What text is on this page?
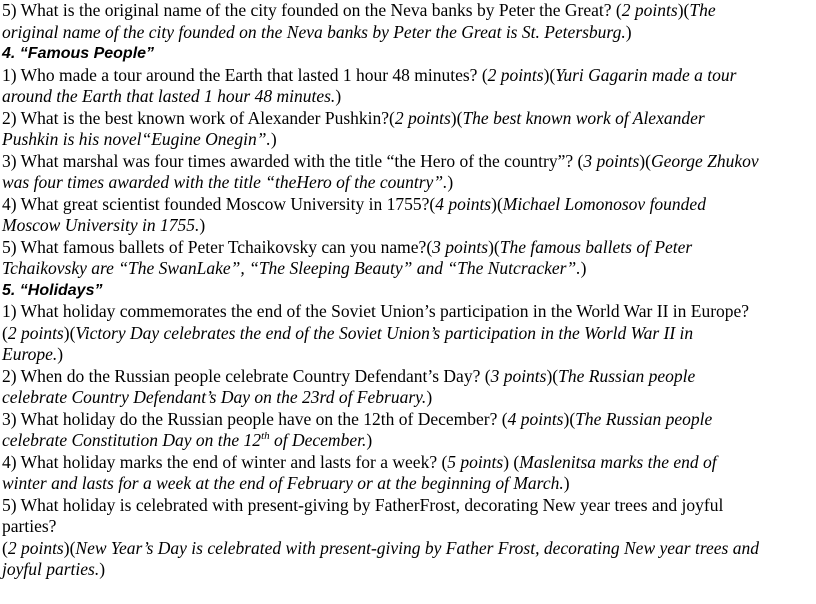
5) What is the original name of the city founded on the Neva banks by Peter the Great? (2 points)(The
original name of the city founded on the Neva banks by Peter the Great is St. Petersburg.)
4. “Famous People”
1) Who made a tour around the Earth that lasted 1 hour 48 minutes? (2 points)(Yuri Gagarin made a tour
around the Earth that lasted 1 hour 48 minutes.)
2) What is the best known work of Alexander Pushkin?(2 points)(The best known work of Alexander
Pushkin is his novel“Eugine Onegin”.)
3) What marshal was four times awarded with the title “the Hero of the country”? (3 points)(George Zhukov
was four times awarded with the title “theHero of the country”.)
4) What great scientist founded Moscow University in 1755?(4 points)(Michael Lomonosov founded
Moscow University in 1755.)
5) What famous ballets of Peter Tchaikovsky can you name?(3 points)(The famous ballets of Peter
Tchaikovsky are “The SwanLake”, “The Sleeping Beauty” and “The Nutcracker”.)
5. “Holidays”
1) What holiday commemorates the end of the Soviet Union’s participation in the World War II in Europe?
(2 points)(Victory Day celebrates the end of the Soviet Union’s participation in the World War II in
Europe.)
2) When do the Russian people celebrate Country Defendant’s Day? (3 points)(The Russian people
celebrate Country Defendant’s Day on the 23rd of February.)
3) What holiday do the Russian people have on the 12th of December? (4 points)(The Russian people
celebrate Constitution Day on the 12th of December.)
4) What holiday marks the end of winter and lasts for a week? (5 points) (Maslenitsa marks the end of
winter and lasts for a week at the end of February or at the beginning of March.)
5) What holiday is celebrated with present-giving by FatherFrost, decorating New year trees and joyful
parties?
(2 points)(New Year’s Day is celebrated with present-giving by Father Frost, decorating New year trees and
joyful parties.)
